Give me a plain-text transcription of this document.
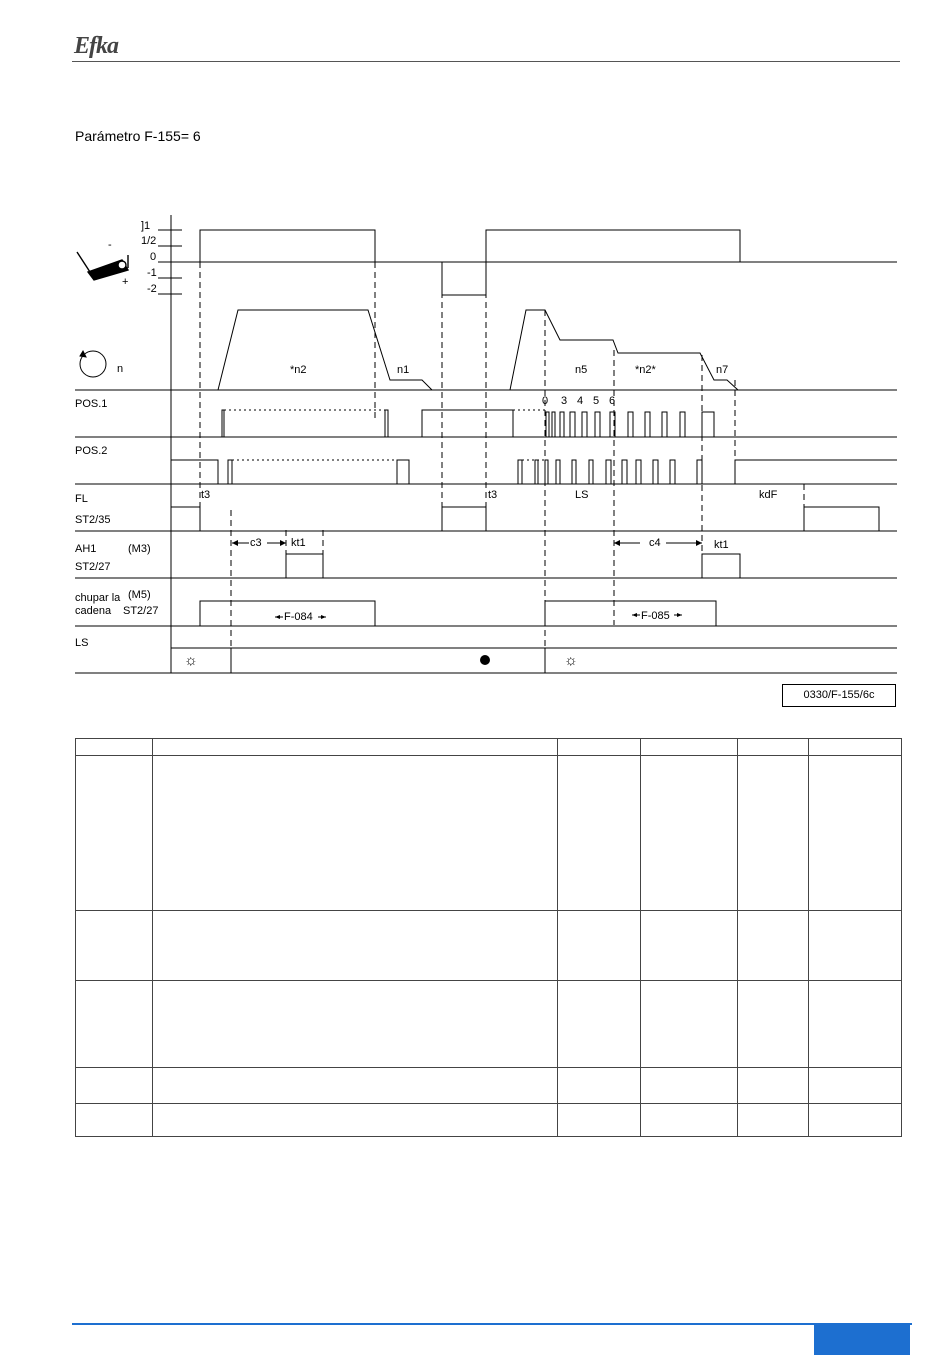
Efka
Parámetro F-155= 6
-
+
]1
1/2
0
-1
-2
n	*n2	n1	n5	*n2*	n7
0 3 4 5 6
POS.1
POS.2
FL
ST2/35
AH1	(M3)
ST2/27
chupar la (M5)
cadena ST2/27
LS
t3	t3	LS	kdF
c3	kt1	c4	kt1
F-084	F-085
☼	☼
0330/F-155/6c
